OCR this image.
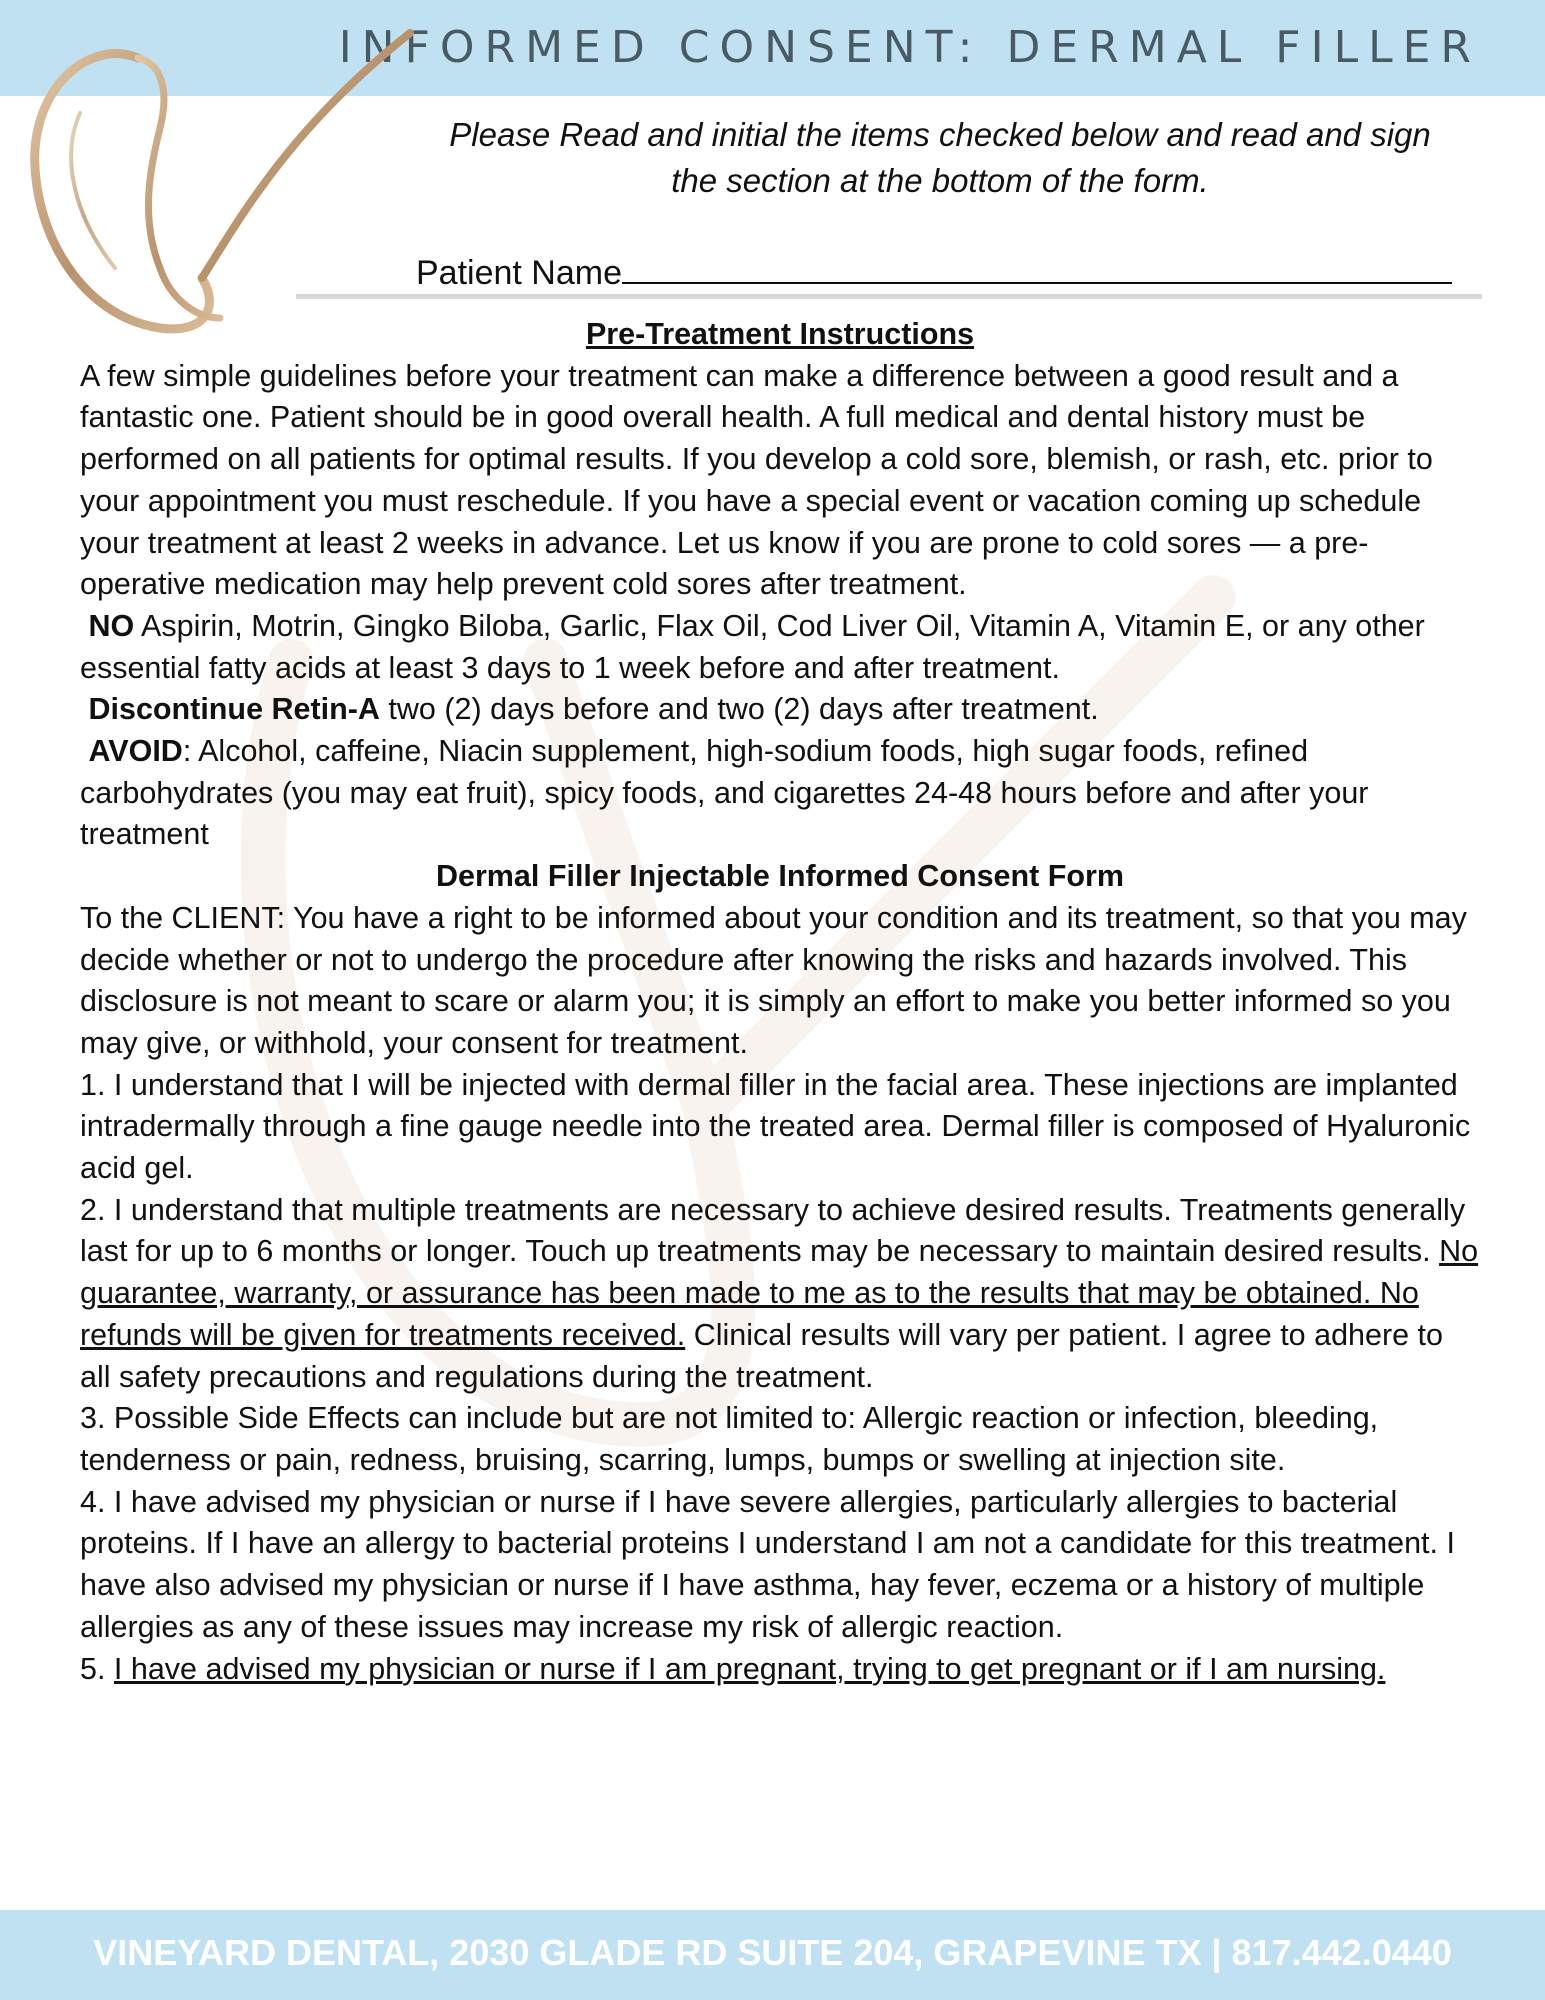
INFORMED CONSENT: DERMAL FILLER
Please Read and initial the items checked below and read and sign
the section at the bottom of the form.
Patient Name

Pre-Treatment Instructions

A few simple guidelines before your treatment can make a difference between a good result and a fantastic one. Patient should be in good overall health. A full medical and dental history must be performed on all patients for optimal results. If you develop a cold sore, blemish, or rash, etc. prior to your appointment you must reschedule. If you have a special event or vacation coming up schedule your treatment at least 2 weeks in advance. Let us know if you are prone to cold sores — a pre-operative medication may help prevent cold sores after treatment.

NO Aspirin, Motrin, Gingko Biloba, Garlic, Flax Oil, Cod Liver Oil, Vitamin A, Vitamin E, or any other essential fatty acids at least 3 days to 1 week before and after treatment.

Discontinue Retin-A two (2) days before and two (2) days after treatment.

AVOID: Alcohol, caffeine, Niacin supplement, high-sodium foods, high sugar foods, refined carbohydrates (you may eat fruit), spicy foods, and cigarettes 24-48 hours before and after your treatment

Dermal Filler Injectable Informed Consent Form

To the CLIENT: You have a right to be informed about your condition and its treatment, so that you may decide whether or not to undergo the procedure after knowing the risks and hazards involved. This disclosure is not meant to scare or alarm you; it is simply an effort to make you better informed so you may give, or withhold, your consent for treatment.

1. I understand that I will be injected with dermal filler in the facial area. These injections are implanted intradermally through a fine gauge needle into the treated area. Dermal filler is composed of Hyaluronic acid gel.

2. I understand that multiple treatments are necessary to achieve desired results. Treatments generally last for up to 6 months or longer. Touch up treatments may be necessary to maintain desired results. No guarantee, warranty, or assurance has been made to me as to the results that may be obtained. No refunds will be given for treatments received. Clinical results will vary per patient. I agree to adhere to all safety precautions and regulations during the treatment.

3. Possible Side Effects can include but are not limited to: Allergic reaction or infection, bleeding, tenderness or pain, redness, bruising, scarring, lumps, bumps or swelling at injection site.

4. I have advised my physician or nurse if I have severe allergies, particularly allergies to bacterial proteins. If I have an allergy to bacterial proteins I understand I am not a candidate for this treatment. I have also advised my physician or nurse if I have asthma, hay fever, eczema or a history of multiple allergies as any of these issues may increase my risk of allergic reaction.

5. I have advised my physician or nurse if I am pregnant, trying to get pregnant or if I am nursing.

VINEYARD DENTAL, 2030 GLADE RD SUITE 204, GRAPEVINE TX | 817.442.0440
